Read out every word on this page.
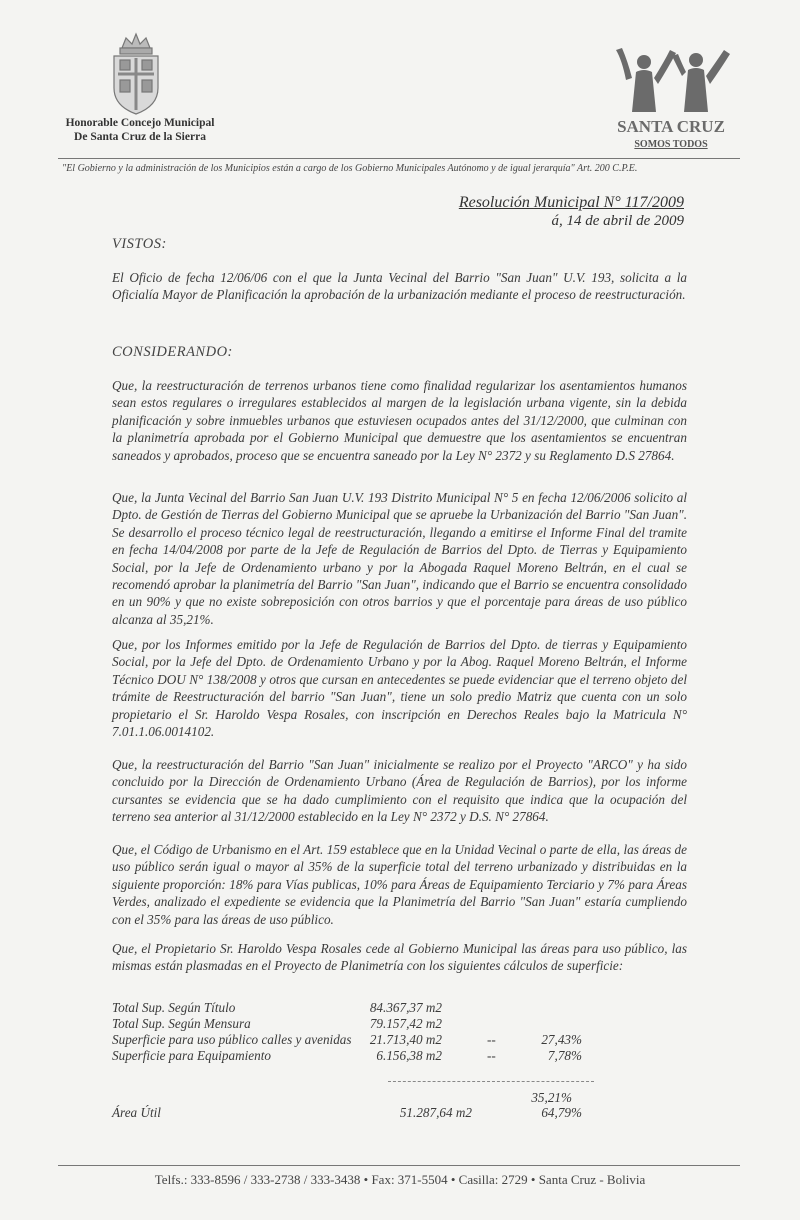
Honorable Concejo Municipal
De Santa Cruz de la Sierra
SANTA CRUZ
SOMOS TODOS
"El Gobierno y la administración de los Municipios están a cargo de los Gobierno Municipales Autónomo y de igual jerarquía" Art. 200 C.P.E.
Resolución Municipal N° 117/2009
á, 14 de abril de 2009
VISTOS:
El Oficio de fecha 12/06/06 con el que la Junta Vecinal del Barrio "San Juan" U.V. 193, solicita a la Oficialía Mayor de Planificación la aprobación de la urbanización mediante el proceso de reestructuración.
CONSIDERANDO:
Que, la reestructuración de terrenos urbanos tiene como finalidad regularizar los asentamientos humanos sean estos regulares o irregulares establecidos al margen de la legislación urbana vigente, sin la debida planificación y sobre inmuebles urbanos que estuviesen ocupados antes del 31/12/2000, que culminan con la planimetría aprobada por el Gobierno Municipal que demuestre que los asentamientos se encuentran saneados y aprobados, proceso que se encuentra saneado por la Ley N° 2372 y su Reglamento D.S 27864.
Que, la Junta Vecinal del Barrio San Juan U.V. 193 Distrito Municipal N° 5 en fecha 12/06/2006 solicito al Dpto. de Gestión de Tierras del Gobierno Municipal que se apruebe la Urbanización del Barrio "San Juan". Se desarrollo el proceso técnico legal de reestructuración, llegando a emitirse el Informe Final del tramite en fecha 14/04/2008 por parte de la Jefe de Regulación de Barrios del Dpto. de Tierras y Equipamiento Social, por la Jefe de Ordenamiento urbano y por la Abogada Raquel Moreno Beltrán, en el cual se recomendó aprobar la planimetría del Barrio "San Juan", indicando que el Barrio se encuentra consolidado en un 90% y que no existe sobreposición con otros barrios y que el porcentaje para áreas de uso público alcanza al 35,21%.
Que, por los Informes emitido por la Jefe de Regulación de Barrios del Dpto. de tierras y Equipamiento Social, por la Jefe del Dpto. de Ordenamiento Urbano y por la Abog. Raquel Moreno Beltrán, el Informe Técnico DOU N° 138/2008 y otros que cursan en antecedentes se puede evidenciar que el terreno objeto del trámite de Reestructuración del barrio "San Juan", tiene un solo predio Matriz que cuenta con un solo propietario el Sr. Haroldo Vespa Rosales, con inscripción en Derechos Reales bajo la Matricula N° 7.01.1.06.0014102.
Que, la reestructuración del Barrio "San Juan" inicialmente se realizo por el Proyecto "ARCO" y ha sido concluido por la Dirección de Ordenamiento Urbano (Área de Regulación de Barrios), por los informe cursantes se evidencia que se ha dado cumplimiento con el requisito que indica que la ocupación del terreno sea anterior al 31/12/2000 establecido en la Ley N° 2372 y D.S. N° 27864.
Que, el Código de Urbanismo en el Art. 159 establece que en la Unidad Vecinal o parte de ella, las áreas de uso público serán igual o mayor al 35% de la superficie total del terreno urbanizado y distribuidas en la siguiente proporción: 18% para Vías publicas, 10% para Áreas de Equipamiento Terciario y 7% para Áreas Verdes, analizado el expediente se evidencia que la Planimetría del Barrio "San Juan" estaría cumpliendo con el 35% para las áreas de uso público.
Que, el Propietario Sr. Haroldo Vespa Rosales cede al Gobierno Municipal las áreas para uso público, las mismas están plasmadas en el Proyecto de Planimetría con los siguientes cálculos de superficie:
Total Sup. Según Título	84.367,37 m2
Total Sup. Según Mensura	79.157,42 m2
Superficie para uso público calles y avenidas 21.713,40 m2	--	27,43%
Superficie para Equipamiento	6.156,38 m2	--	7,78%
35,21%
Área Útil	51.287,64 m2	64,79%
Telfs.: 333-8596 / 333-2738 / 333-3438 • Fax: 371-5504 • Casilla: 2729 • Santa Cruz - Bolivia
